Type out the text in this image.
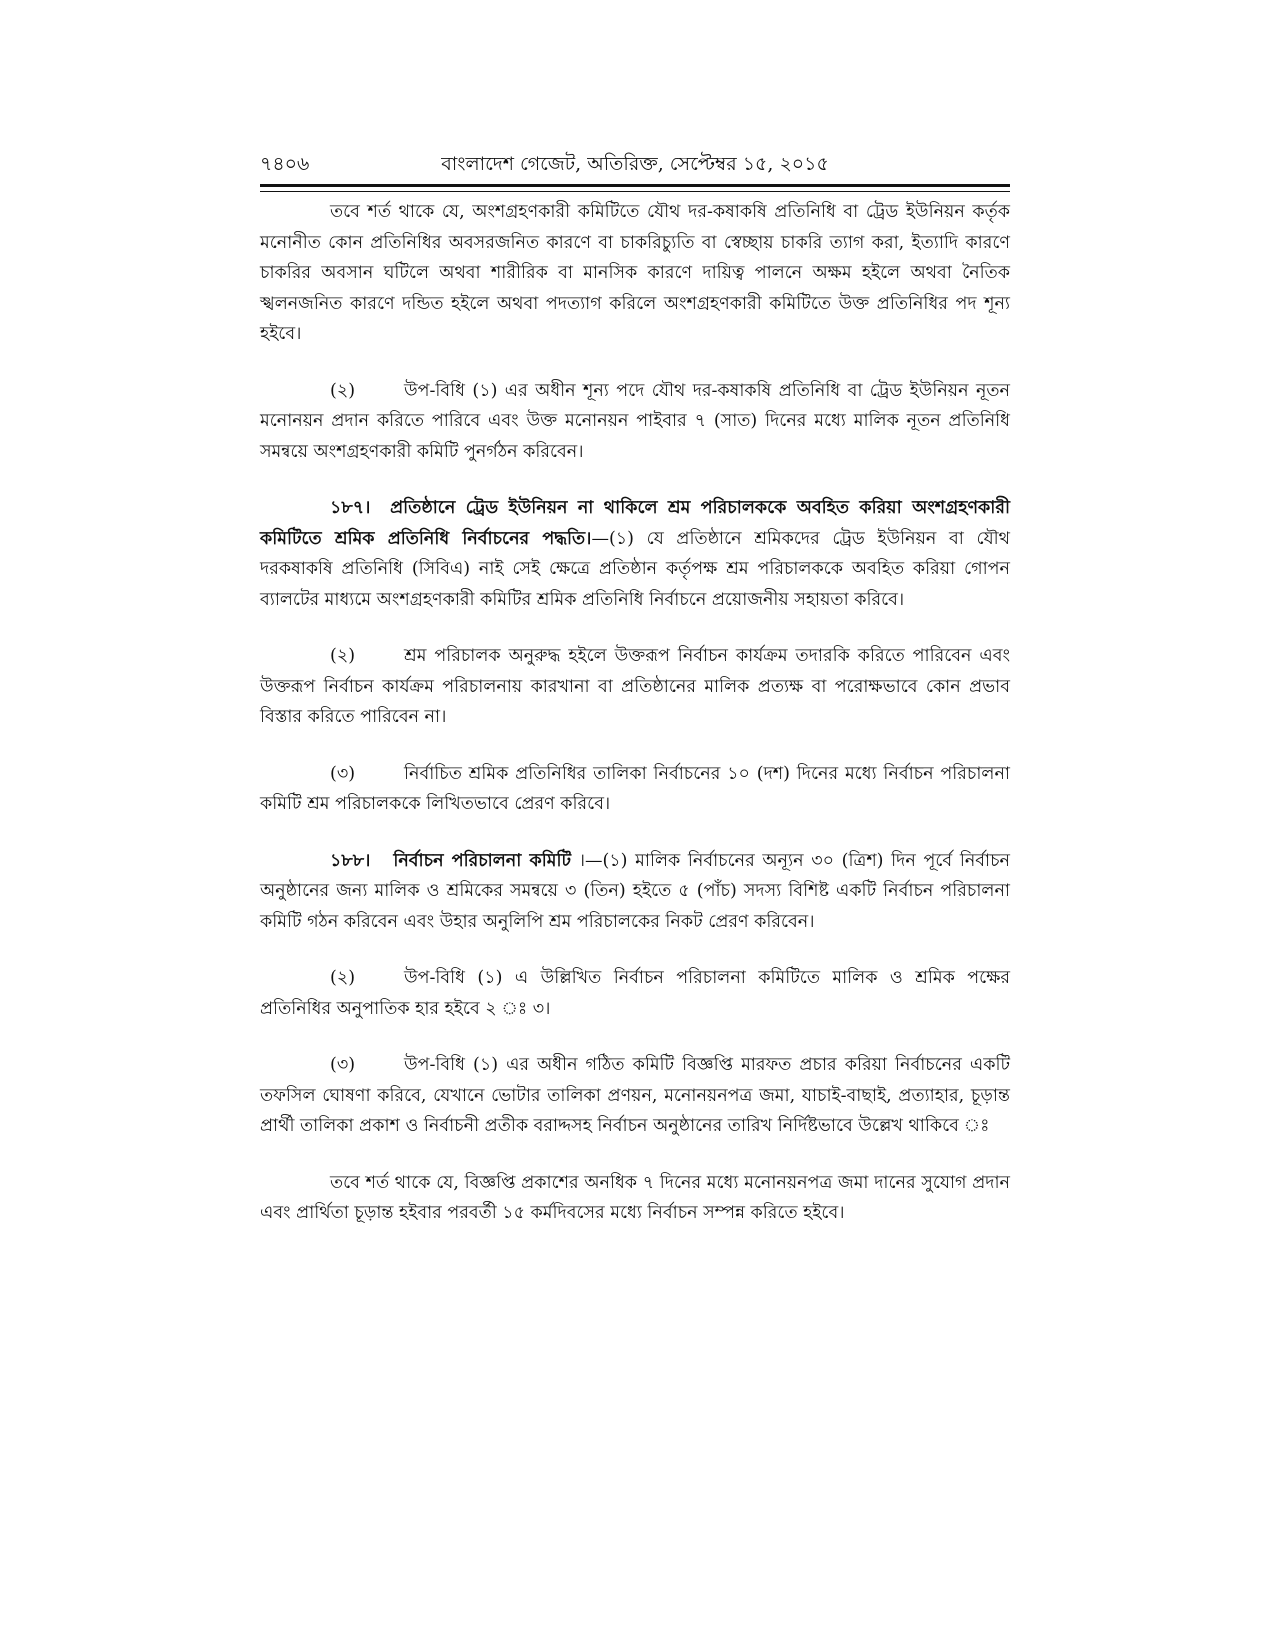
৭৪০৬	বাংলাদেশ গেজেট, অতিরিক্ত, সেপ্টেম্বর ১৫, ২০১৫

তবে শর্ত থাকে যে, অংশগ্রহণকারী কমিটিতে যৌথ দর-কষাকষি প্রতিনিধি বা ট্রেড ইউনিয়ন কর্তৃক মনোনীত কোন প্রতিনিধির অবসরজনিত কারণে বা চাকরিচ্যুতি বা স্বেচ্ছায় চাকরি ত্যাগ করা, ইত্যাদি কারণে চাকরির অবসান ঘটিলে অথবা শারীরিক বা মানসিক কারণে দায়িত্ব পালনে অক্ষম হইলে অথবা নৈতিক স্খলনজনিত কারণে দন্ডিত হইলে অথবা পদত্যাগ করিলে অংশগ্রহণকারী কমিটিতে উক্ত প্রতিনিধির পদ শূন্য হইবে।

(২)	উপ-বিধি (১) এর অধীন শূন্য পদে যৌথ দর-কষাকষি প্রতিনিধি বা ট্রেড ইউনিয়ন নূতন মনোনয়ন প্রদান করিতে পারিবে এবং উক্ত মনোনয়ন পাইবার ৭ (সাত) দিনের মধ্যে মালিক নূতন প্রতিনিধি সমন্বয়ে অংশগ্রহণকারী কমিটি পুনর্গঠন করিবেন।

১৮৭। প্রতিষ্ঠানে ট্রেড ইউনিয়ন না থাকিলে শ্রম পরিচালককে অবহিত করিয়া অংশগ্রহণকারী কমিটিতে শ্রমিক প্রতিনিধি নির্বাচনের পদ্ধতি।—(১) যে প্রতিষ্ঠানে শ্রমিকদের ট্রেড ইউনিয়ন বা যৌথ দরকষাকষি প্রতিনিধি (সিবিএ) নাই সেই ক্ষেত্রে প্রতিষ্ঠান কর্তৃপক্ষ শ্রম পরিচালককে অবহিত করিয়া গোপন ব্যালটের মাধ্যমে অংশগ্রহণকারী কমিটির শ্রমিক প্রতিনিধি নির্বাচনে প্রয়োজনীয় সহায়তা করিবে।

(২)	শ্রম পরিচালক অনুরুদ্ধ হইলে উক্তরূপ নির্বাচন কার্যক্রম তদারকি করিতে পারিবেন এবং উক্তরূপ নির্বাচন কার্যক্রম পরিচালনায় কারখানা বা প্রতিষ্ঠানের মালিক প্রত্যক্ষ বা পরোক্ষভাবে কোন প্রভাব বিস্তার করিতে পারিবেন না।

(৩)	নির্বাচিত শ্রমিক প্রতিনিধির তালিকা নির্বাচনের ১০ (দশ) দিনের মধ্যে নির্বাচন পরিচালনা কমিটি শ্রম পরিচালককে লিখিতভাবে প্রেরণ করিবে।

১৮৮। নির্বাচন পরিচালনা কমিটি ।—(১) মালিক নির্বাচনের অন্যূন ৩০ (ত্রিশ) দিন পূর্বে নির্বাচন অনুষ্ঠানের জন্য মালিক ও শ্রমিকের সমন্বয়ে ৩ (তিন) হইতে ৫ (পাঁচ) সদস্য বিশিষ্ট একটি নির্বাচন পরিচালনা কমিটি গঠন করিবেন এবং উহার অনুলিপি শ্রম পরিচালকের নিকট প্রেরণ করিবেন।

(২)	উপ-বিধি (১) এ উল্লিখিত নির্বাচন পরিচালনা কমিটিতে মালিক ও শ্রমিক পক্ষের প্রতিনিধির অনুপাতিক হার হইবে ২ ঃ ৩।

(৩)	উপ-বিধি (১) এর অধীন গঠিত কমিটি বিজ্ঞপ্তি মারফত প্রচার করিয়া নির্বাচনের একটি তফসিল ঘোষণা করিবে, যেখানে ভোটার তালিকা প্রণয়ন, মনোনয়নপত্র জমা, যাচাই-বাছাই, প্রত্যাহার, চূড়ান্ত প্রার্থী তালিকা প্রকাশ ও নির্বাচনী প্রতীক বরাদ্দসহ নির্বাচন অনুষ্ঠানের তারিখ নির্দিষ্টভাবে উল্লেখ থাকিবে ঃ

তবে শর্ত থাকে যে, বিজ্ঞপ্তি প্রকাশের অনধিক ৭ দিনের মধ্যে মনোনয়নপত্র জমা দানের সুযোগ প্রদান এবং প্রার্থিতা চূড়ান্ত হইবার পরবর্তী ১৫ কর্মদিবসের মধ্যে নির্বাচন সম্পন্ন করিতে হইবে।
